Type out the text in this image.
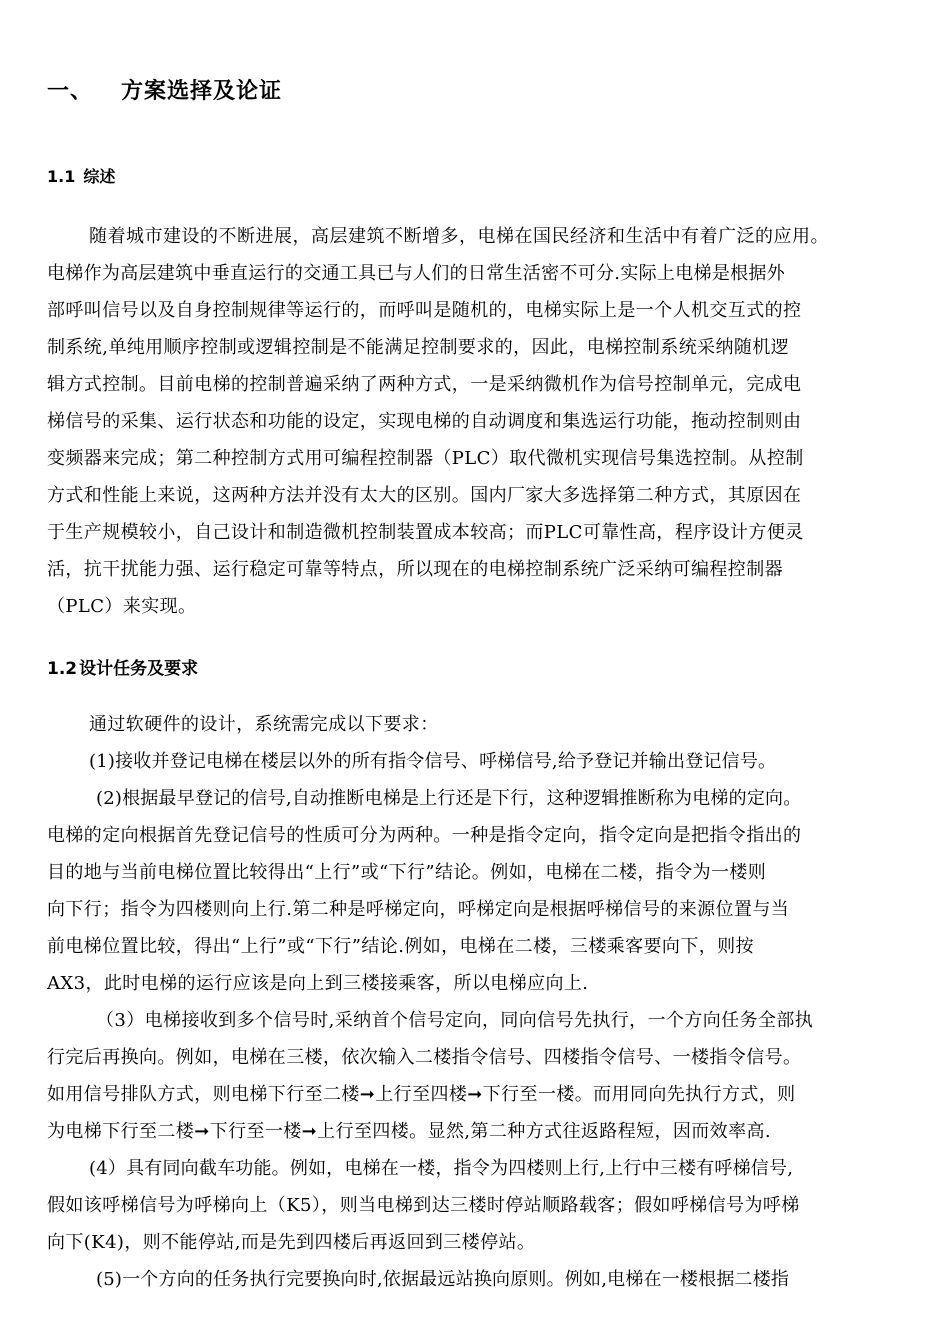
一、 方案选择及论证
1.1 综述
随着城市建设的不断进展，高层建筑不断增多，电梯在国民经济和生活中有着广泛的应用。
电梯作为高层建筑中垂直运行的交通工具已与人们的日常生活密不可分.实际上电梯是根据外
部呼叫信号以及自身控制规律等运行的，而呼叫是随机的，电梯实际上是一个人机交互式的控
制系统,单纯用顺序控制或逻辑控制是不能满足控制要求的，因此，电梯控制系统采纳随机逻
辑方式控制。目前电梯的控制普遍采纳了两种方式，一是采纳微机作为信号控制单元，完成电
梯信号的采集、运行状态和功能的设定，实现电梯的自动调度和集选运行功能，拖动控制则由
变频器来完成；第二种控制方式用可编程控制器（PLC）取代微机实现信号集选控制。从控制
方式和性能上来说，这两种方法并没有太大的区别。国内厂家大多选择第二种方式，其原因在
于生产规模较小，自己设计和制造微机控制装置成本较高；而PLC可靠性高，程序设计方便灵
活，抗干扰能力强、运行稳定可靠等特点，所以现在的电梯控制系统广泛采纳可编程控制器
（PLC）来实现。
1.2 设计任务及要求
通过软硬件的设计，系统需完成以下要求：
(1)接收并登记电梯在楼层以外的所有指令信号、呼梯信号,给予登记并输出登记信号。
(2)根据最早登记的信号,自动推断电梯是上行还是下行，这种逻辑推断称为电梯的定向。
电梯的定向根据首先登记信号的性质可分为两种。一种是指令定向，指令定向是把指令指出的
目的地与当前电梯位置比较得出“上行”或“下行”结论。例如，电梯在二楼，指令为一楼则
向下行；指令为四楼则向上行.第二种是呼梯定向，呼梯定向是根据呼梯信号的来源位置与当
前电梯位置比较，得出“上行”或“下行”结论.例如，电梯在二楼，三楼乘客要向下，则按
AX3，此时电梯的运行应该是向上到三楼接乘客，所以电梯应向上.
（3）电梯接收到多个信号时,采纳首个信号定向，同向信号先执行，一个方向任务全部执
行完后再换向。例如，电梯在三楼，依次输入二楼指令信号、四楼指令信号、一楼指令信号。
如用信号排队方式，则电梯下行至二楼➞上行至四楼➞下行至一楼。而用同向先执行方式，则
为电梯下行至二楼➞下行至一楼➞上行至四楼。显然,第二种方式往返路程短，因而效率高.
(4）具有同向截车功能。例如，电梯在一楼，指令为四楼则上行,上行中三楼有呼梯信号,
假如该呼梯信号为呼梯向上（K5），则当电梯到达三楼时停站顺路载客；假如呼梯信号为呼梯
向下(K4)，则不能停站,而是先到四楼后再返回到三楼停站。
(5)一个方向的任务执行完要换向时,依据最远站换向原则。例如,电梯在一楼根据二楼指
